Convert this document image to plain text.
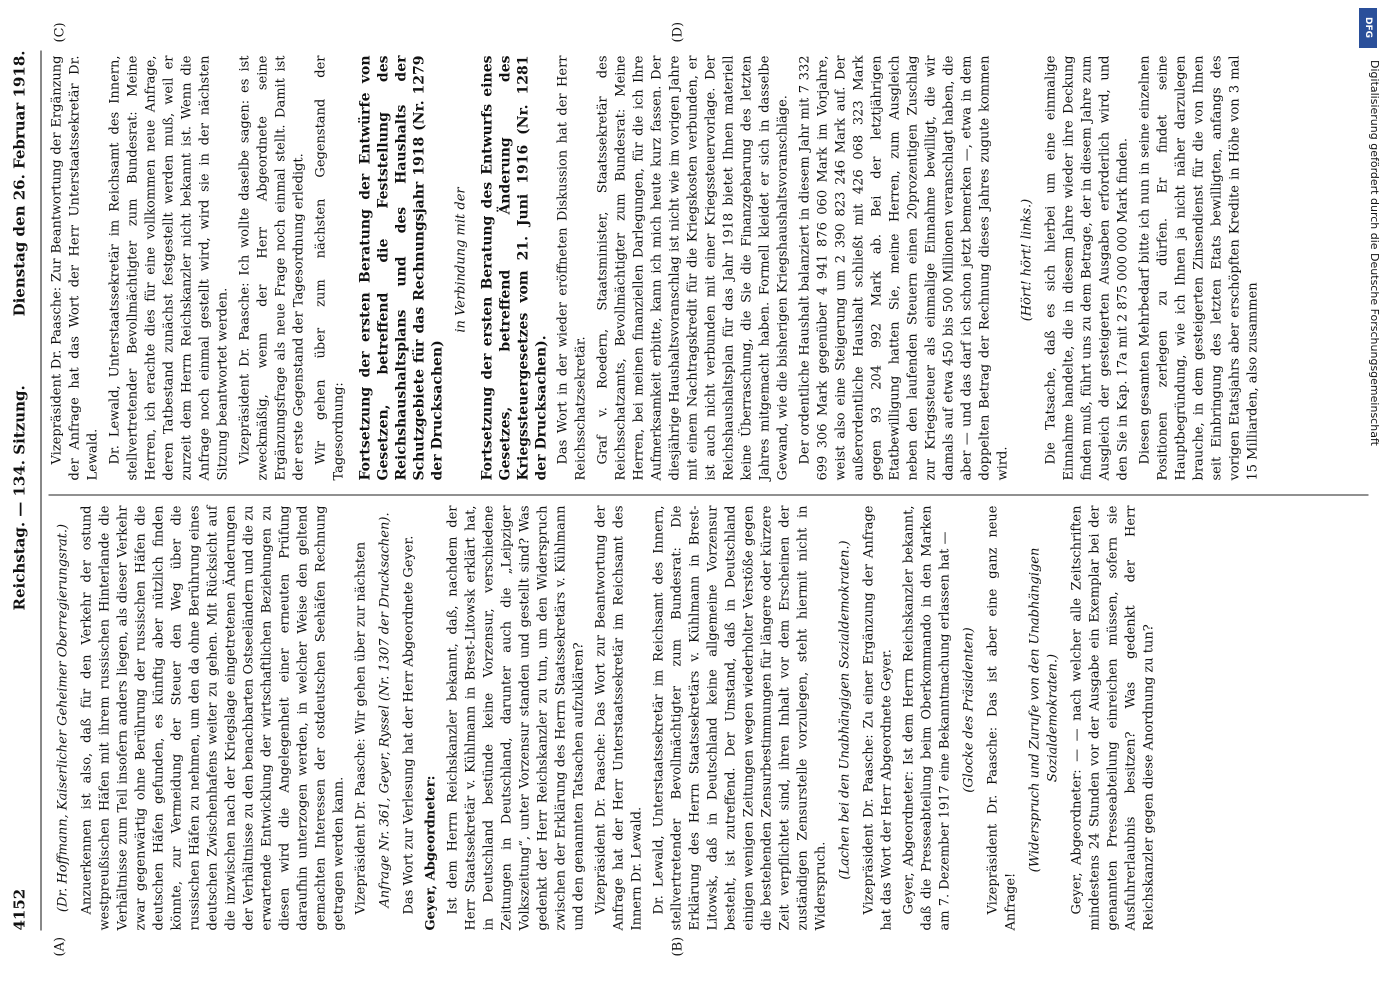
4152
Reichstag. — 134. Sitzung.
Dienstag den 26. Februar 1918.
(A)	(B)
(C)	(D)

(Dr. Hoffmann, Kaiserlicher Geheimer Oberregierungsrat.) Anzuerkennen ist also, daß für den Verkehr der ostund westpreußischen Häfen mit ihrem russischen Hinterlande die Verhältnisse zum Teil insofern anders liegen, als dieser Verkehr zwar gegenwärtig ohne Berührung der russischen Häfen die deutschen Häfen gefunden, es künftig aber nützlich finden könnte, zur Vermeidung der Steuer den Weg über die russischen Häfen zu nehmen, um den da ohne Berührung eines deutschen Zwischenhafens weiter zu gehen. Mit Rücksicht auf die inzwischen nach der Kriegslage eingetretenen Änderungen der Verhältnisse zu den benachbarten Ostseeländern und die zu erwartende Entwicklung der wirtschaftlichen Beziehungen zu diesen wird die Angelegenheit einer erneuten Prüfung daraufhin unterzogen werden, in welcher Weise den geltend gemachten Interessen der ostdeutschen Seehäfen Rechnung getragen werden kann. Vizepräsident Dr. Paasche: Wir gehen über zur nächsten Anfrage Nr. 361, Geyer, Ryssel (Nr. 1307 der Drucksachen). Das Wort zur Verlesung hat der Herr Abgeordnete Geyer. Geyer, Abgeordneter: Ist dem Herrn Reichskanzler bekannt, daß, nachdem der Herr Staatssekretär v. Kühlmann in Brest-Litowsk erklärt hat, in Deutschland bestünde keine Vorzensur, verschiedene Zeitungen in Deutschland, darunter auch die „Leipziger Volkszeitung“, unter Vorzensur standen und gestellt sind? Was gedenkt der Herr Reichskanzler zu tun, um den Widerspruch zwischen der Erklärung des Herrn Staatssekretärs v. Kühlmann und den genannten Tatsachen aufzuklären? Vizepräsident Dr. Paasche: Das Wort zur Beantwortung der Anfrage hat der Herr Unterstaatssekretär im Reichsamt des Innern Dr. Lewald. Dr. Lewald, Unterstaatssekretär im Reichsamt des Innern, stellvertretender Bevollmächtigter zum Bundesrat: Die Erklärung des Herrn Staatssekretärs v. Kühlmann in Brest-Litowsk, daß in Deutschland keine allgemeine Vorzensur besteht, ist zutreffend. Der Umstand, daß in Deutschland einigen wenigen Zeitungen wegen wiederholter Verstöße gegen die bestehenden Zensurbestimmungen für längere oder kürzere Zeit verpflichtet sind, ihren Inhalt vor dem Erscheinen der zuständigen Zensurstelle vorzulegen, steht hiermit nicht in Widerspruch.

(Lachen bei den Unabhängigen Sozialdemokraten.) Vizepräsident Dr. Paasche: Zu einer Ergänzung der Anfrage hat das Wort der Herr Abgeordnete Geyer. Geyer, Abgeordneter: Ist dem Herrn Reichskanzler bekannt, daß die Presseabteilung beim Oberkommando in den Marken am 7. Dezember 1917 eine Bekanntmachung erlassen hat — (Glocke des Präsidenten) Vizepräsident Dr. Paasche: Das ist aber eine ganz neue Anfrage!

(Widerspruch und Zurufe von den Unabhängigen Sozialdemokraten.) Geyer, Abgeordneter: — — nach welcher alle Zeitschriften mindestens 24 Stunden vor der Ausgabe ein Exemplar bei der genannten Presseabteilung einreichen müssen, sofern sie Ausfuhrerlaubnis besitzen? Was gedenkt der Herr Reichskanzler gegen diese Anordnung zu tun?

Vizepräsident Dr. Paasche: Zur Beantwortung der Ergänzung der Anfrage hat das Wort der Herr Unterstaatssekretär Dr. Lewald. Dr. Lewald, Unterstaatssekretär im Reichsamt des Innern, stellvertretender Bevollmächtigter zum Bundesrat: Meine Herren, ich erachte dies für eine vollkommen neue Anfrage, deren Tatbestand zunächst festgestellt werden muß, weil er zurzeit dem Herrn Reichskanzler nicht bekannt ist. Wenn die Anfrage noch einmal gestellt wird, wird sie in der nächsten Sitzung beantwortet werden. Vizepräsident Dr. Paasche: Ich wollte daselbe sagen: es ist zweckmäßig, wenn der Herr Abgeordnete seine Ergänzungsfrage als neue Frage noch einmal stellt. Damit ist der erste Gegenstand der Tagesordnung erledigt. Wir gehen über zum nächsten Gegenstand der Tagesordnung: Fortsetzung der ersten Beratung der Entwürfe von Gesetzen, betreffend die Feststellung des Reichshaushaltsplans und des Haushalts der Schutzgebiete für das Rechnungsjahr 1918 (Nr. 1279 der Drucksachen)

in Verbindung mit der Fortsetzung der ersten Beratung des Entwurfs eines Gesetzes, betreffend Änderung des Kriegssteuergesetzes vom 21. Juni 1916 (Nr. 1281 der Drucksachen). Das Wort in der wieder eröffneten Diskussion hat der Herr Reichsschatzsekretär. Graf v. Roedern, Staatsminister, Staatssekretär des Reichsschatzamts, Bevollmächtigter zum Bundesrat: Meine Herren, bei meinen finanziellen Darlegungen, für die ich Ihre Aufmerksamkeit erbitte, kann ich mich heute kurz fassen. Der diesjährige Haushaltsvoranschlag ist nicht wie im vorigen Jahre mit einem Nachtragskredit für die Kriegskosten verbunden, er ist auch nicht verbunden mit einer Kriegssteuervorlage. Der Reichshaushaltsplan für das Jahr 1918 bietet Ihnen materiell keine Überraschung, die Sie die Finanzgebarung des letzten Jahres mitgemacht haben. Formell kleidet er sich in dasselbe Gewand, wie die bisherigen Kriegshaushaltsvoranschläge. Der ordentliche Haushalt balanziert in diesem Jahr mit 7 332 699 306 Mark gegenüber 4 941 876 060 Mark im Vorjahre, weist also eine Steigerung um 2 390 823 246 Mark auf. Der außerordentliche Haushalt schließt mit 426 068 323 Mark gegen 93 204 992 Mark ab. Bei der letztjährigen Etatbewilligung hatten Sie, meine Herren, zum Ausgleich neben den laufenden Steuern einen 20prozentigen Zuschlag zur Kriegssteuer als einmalige Einnahme bewilligt, die wir damals auf etwa 450 bis 500 Millionen veranschlagt haben, die aber — und das darf ich schon jetzt bemerken —, etwa in dem doppelten Betrag der Rechnung dieses Jahres zugute kommen wird.

(Hört! hört! links.) Die Tatsache, daß es sich hierbei um eine einmalige Einnahme handelte, die in diesem Jahre wieder ihre Deckung finden muß, führt uns zu dem Betrage, der in diesem Jahre zum Ausgleich der gesteigerten Ausgaben erforderlich wird, und den Sie in Kap. 17a mit 2 875 000 000 Mark finden. Diesen gesamten Mehrbedarf bitte ich nun in seine einzelnen Positionen zerlegen zu dürfen. Er findet seine Hauptbegründung, wie ich Ihnen ja nicht näher darzulegen brauche, in dem gesteigerten Zinsendienst für die von Ihnen seit Einbringung des letzten Etats bewilligten, anfangs des vorigen Etatsjahrs aber erschöpften Kredite in Höhe von 3 mal 15 Milliarden, also zusammen

DFG
Digitalisierung gefördert durch die Deutsche Forschungsgemeinschaft
